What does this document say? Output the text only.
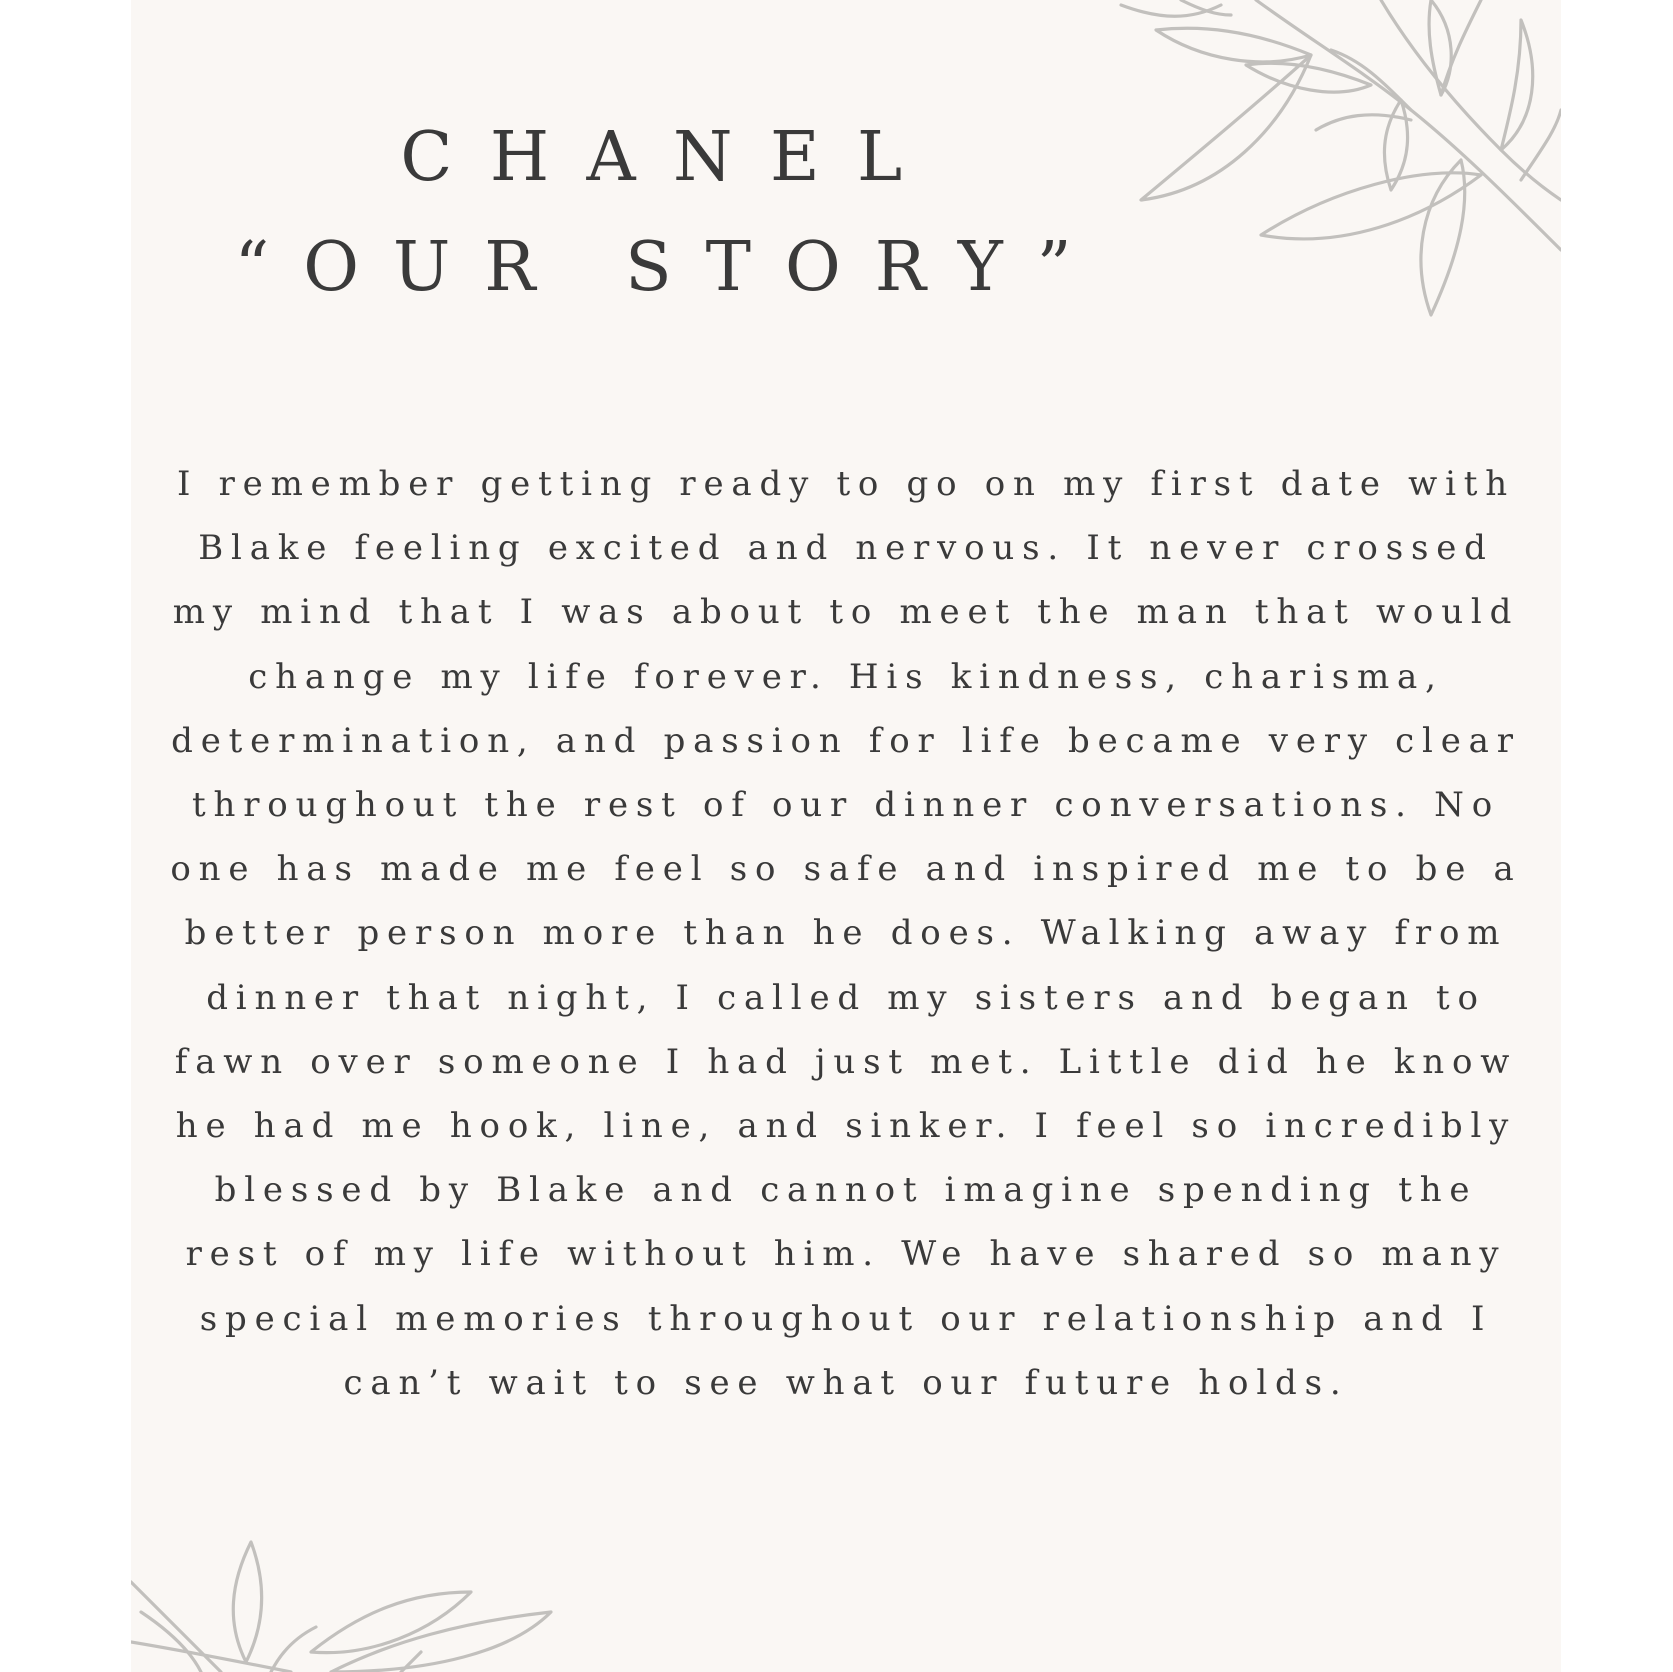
CHANEL
“OUR STORY”

I remember getting ready to go on my first date with
Blake feeling excited and nervous. It never crossed
my mind that I was about to meet the man that would
change my life forever. His kindness, charisma,
determination, and passion for life became very clear
throughout the rest of our dinner conversations. No
one has made me feel so safe and inspired me to be a
better person more than he does. Walking away from
dinner that night, I called my sisters and began to
fawn over someone I had just met. Little did he know
he had me hook, line, and sinker. I feel so incredibly
blessed by Blake and cannot imagine spending the
rest of my life without him. We have shared so many
special memories throughout our relationship and I
can’t wait to see what our future holds.
